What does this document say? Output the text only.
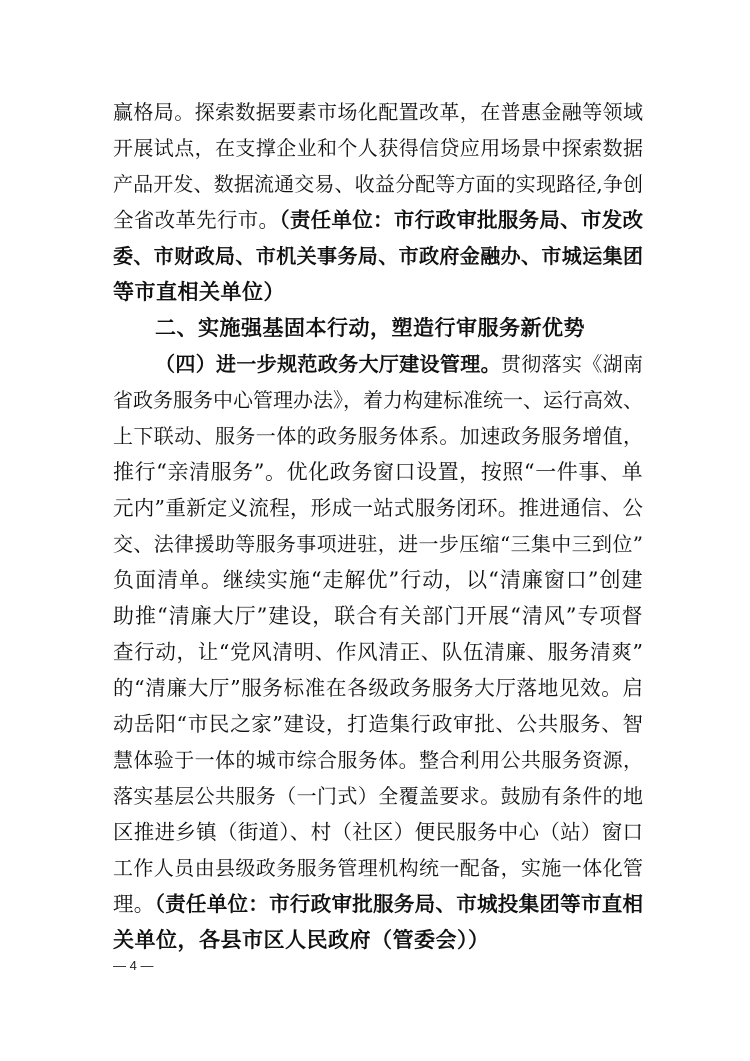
赢格局。探索数据要素市场化配置改革，在普惠金融等领域
开展试点，在支撑企业和个人获得信贷应用场景中探索数据
产品开发、数据流通交易、收益分配等方面的实现路径,争创
全省改革先行市。（责任单位：市行政审批服务局、市发改
委、市财政局、市机关事务局、市政府金融办、市城运集团
等市直相关单位）
二、实施强基固本行动，塑造行审服务新优势
（四）进一步规范政务大厅建设管理。贯彻落实《湖南
省政务服务中心管理办法》，着力构建标准统一、运行高效、
上下联动、服务一体的政务服务体系。加速政务服务增值，
推行“亲清服务”。优化政务窗口设置，按照“一件事、单
元内”重新定义流程，形成一站式服务闭环。推进通信、公
交、法律援助等服务事项进驻，进一步压缩“三集中三到位”
负面清单。继续实施“走解优”行动，以“清廉窗口”创建
助推“清廉大厅”建设，联合有关部门开展“清风”专项督
查行动，让“党风清明、作风清正、队伍清廉、服务清爽”
的“清廉大厅”服务标准在各级政务服务大厅落地见效。启
动岳阳“市民之家”建设，打造集行政审批、公共服务、智
慧体验于一体的城市综合服务体。整合利用公共服务资源，
落实基层公共服务（一门式）全覆盖要求。鼓励有条件的地
区推进乡镇（街道）、村（社区）便民服务中心（站）窗口
工作人员由县级政务服务管理机构统一配备，实施一体化管
理。（责任单位：市行政审批服务局、市城投集团等市直相
关单位，各县市区人民政府（管委会））
— 4 —
